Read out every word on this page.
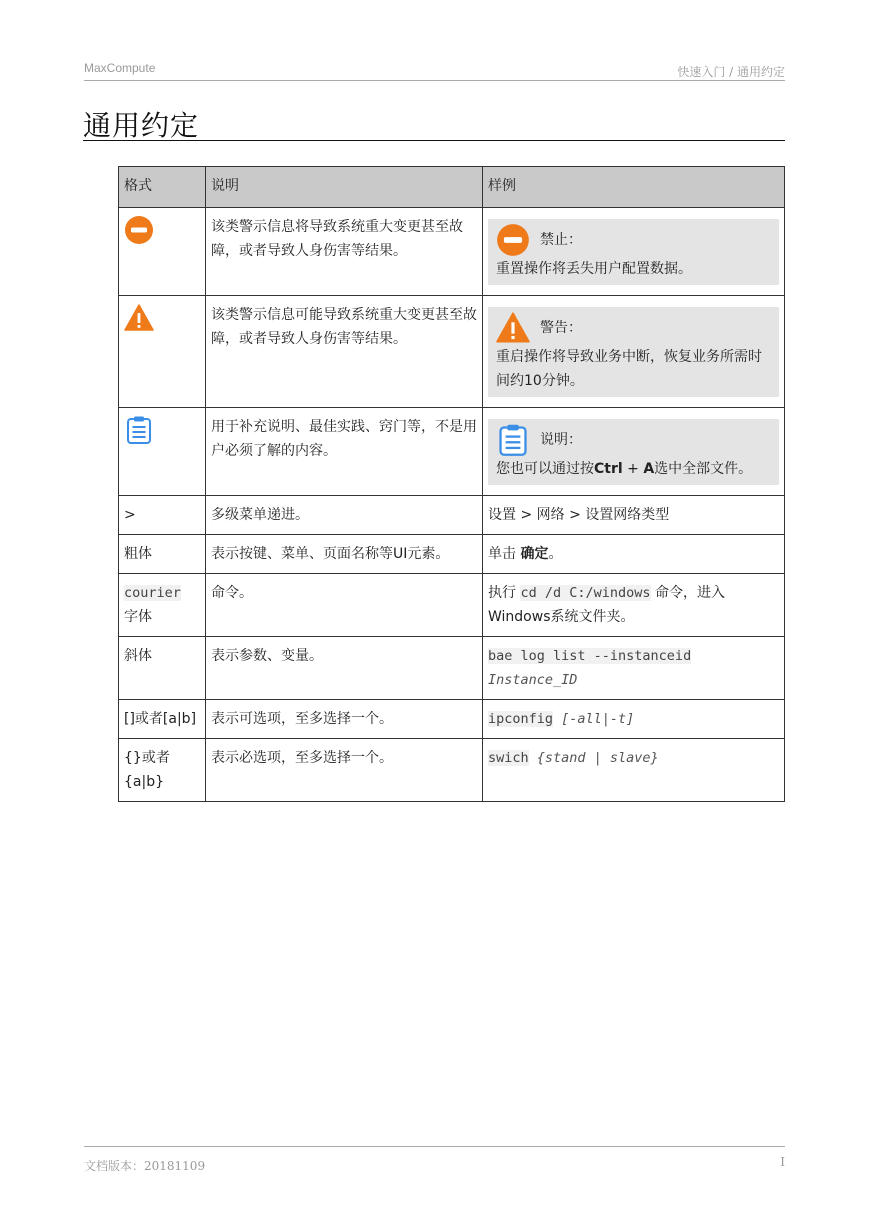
MaxCompute	快速入门 / 通用约定
通用约定
格式	说明	样例
	该类警示信息将导致系统重大变更甚至故障，或者导致人身伤害等结果。	禁止：
重置操作将丢失用户配置数据。

	该类警示信息可能导致系统重大变更甚至故障，或者导致人身伤害等结果。	警告：
重启操作将导致业务中断，恢复业务所需时间约10分钟。

	用于补充说明、最佳实践、窍门等，不是用户必须了解的内容。	说明：
您也可以通过按Ctrl + A选中全部文件。

>	多级菜单递进。	设置 > 网络 > 设置网络类型
粗体	表示按键、菜单、页面名称等UI元素。	单击 确定。
courier
字体	命令。	执行 cd /d C:/windows 命令，进入Windows系统文件夹。
斜体	表示参数、变量。	bae log list --instanceid
Instance_ID
[]或者[a|b]	表示可选项，至多选择一个。	ipconfig [-all|-t]
{}或者{a|b}	表示必选项，至多选择一个。	swich {stand | slave}
文档版本：20181109	I
